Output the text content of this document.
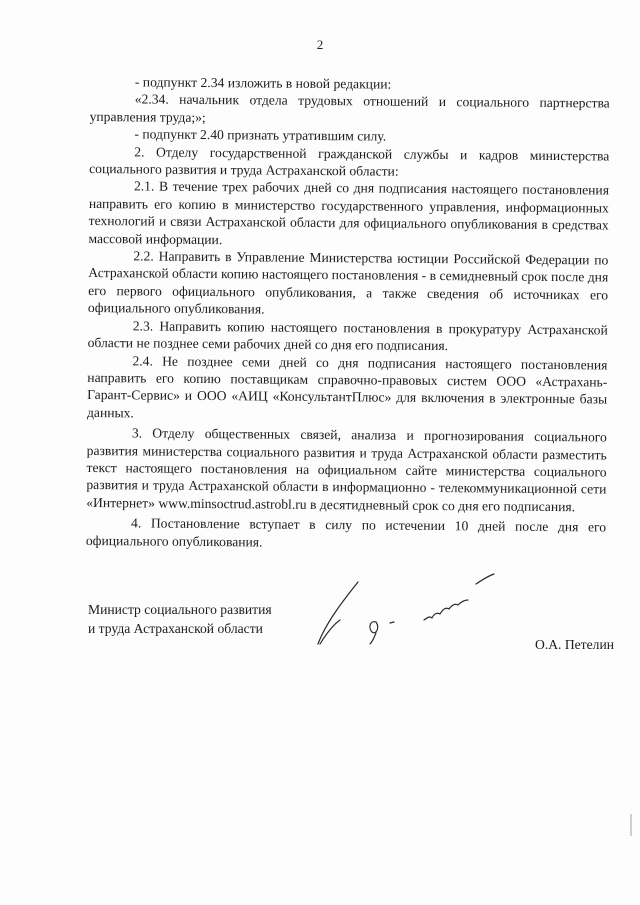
2

- подпункт 2.34 изложить в новой редакции:

«2.34. начальник отдела трудовых отношений и социального партнерства управления труда;»;

- подпункт 2.40 признать утратившим силу.

2. Отделу государственной гражданской службы и кадров министерства социального развития и труда Астраханской области:

2.1. В течение трех рабочих дней со дня подписания настоящего постановления направить его копию в министерство государственного управления, информационных технологий и связи Астраханской области для официального опубликования в средствах массовой информации.

2.2. Направить в Управление Министерства юстиции Российской Федерации по Астраханской области копию настоящего постановления - в семидневный срок после дня его первого официального опубликования, а также сведения об источниках его официального опубликования.

2.3. Направить копию настоящего постановления в прокуратуру Астраханской области не позднее семи рабочих дней со дня его подписания.

2.4. Не позднее семи дней со дня подписания настоящего постановления направить его копию поставщикам справочно-правовых систем ООО «Астрахань-Гарант-Сервис» и ООО «АИЦ «КонсультантПлюс» для включения в электронные базы данных.

3. Отделу общественных связей, анализа и прогнозирования социального развития министерства социального развития и труда Астраханской области разместить текст настоящего постановления на официальном сайте министерства социального развития и труда Астраханской области в информационно - телекоммуникационной сети «Интернет» www.minsoctrud.astrobl.ru в десятидневный срок со дня его подписания.

4. Постановление вступает в силу по истечении 10 дней после дня его официального опубликования.

Министр социального развития
и труда Астраханской области
О.А. Петелин
